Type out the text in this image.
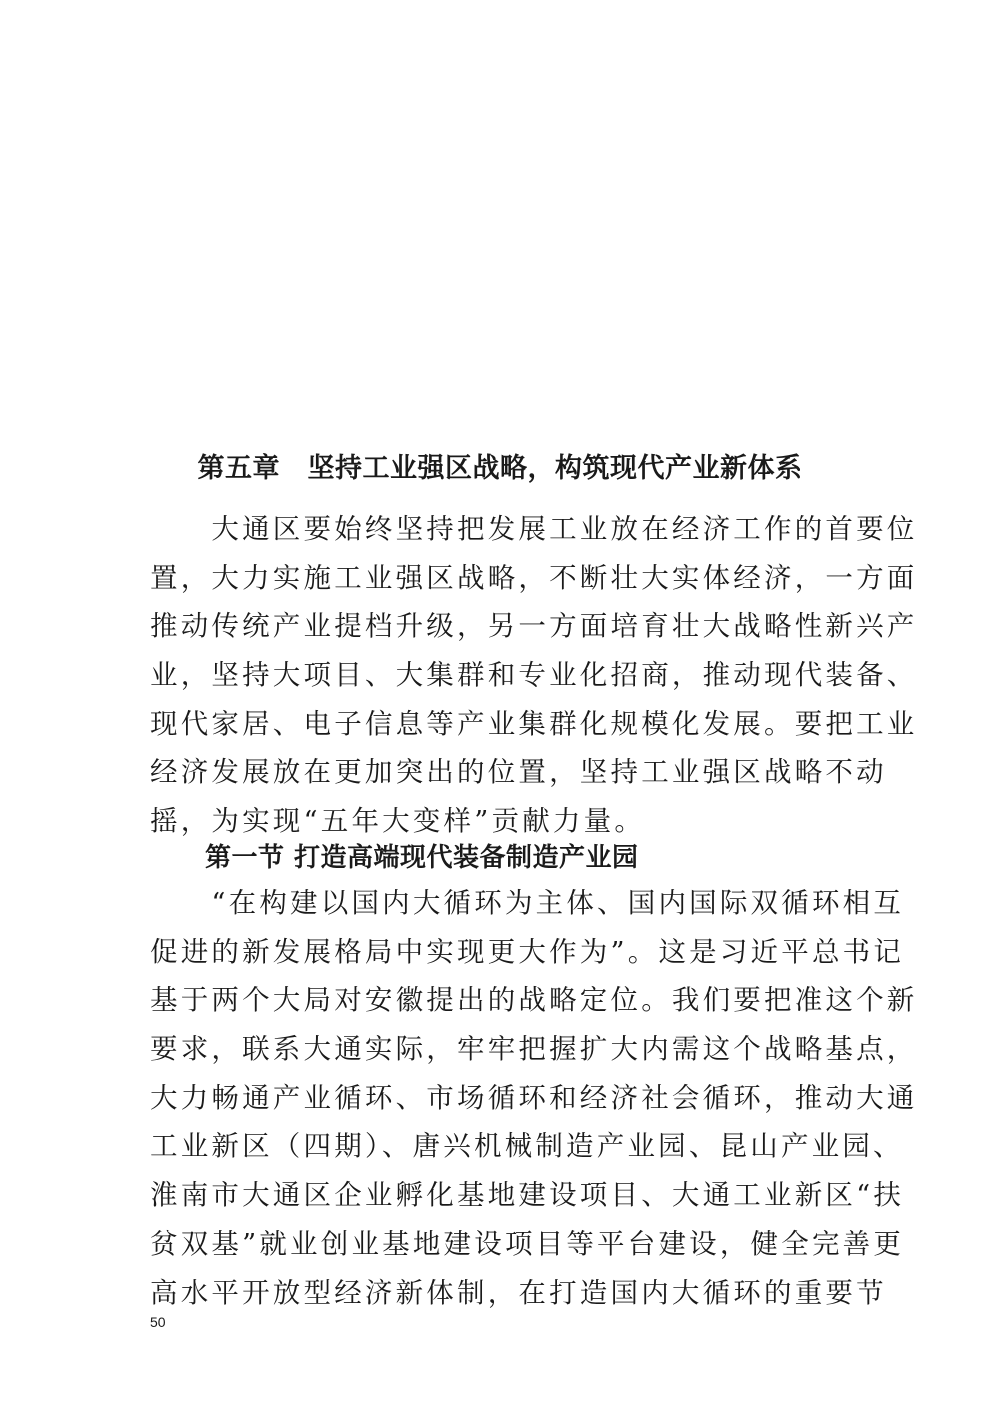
第五章　坚持工业强区战略，构筑现代产业新体系
　　大通区要始终坚持把发展工业放在经济工作的首要位
置，大力实施工业强区战略，不断壮大实体经济，一方面
推动传统产业提档升级，另一方面培育壮大战略性新兴产
业，坚持大项目、大集群和专业化招商，推动现代装备、
现代家居、电子信息等产业集群化规模化发展。要把工业
经济发展放在更加突出的位置，坚持工业强区战略不动
摇，为实现“五年大变样”贡献力量。
第一节 打造高端现代装备制造产业园
　　“在构建以国内大循环为主体、国内国际双循环相互
促进的新发展格局中实现更大作为”。这是习近平总书记
基于两个大局对安徽提出的战略定位。我们要把准这个新
要求，联系大通实际，牢牢把握扩大内需这个战略基点，
大力畅通产业循环、市场循环和经济社会循环，推动大通
工业新区（四期）、唐兴机械制造产业园、昆山产业园、
淮南市大通区企业孵化基地建设项目、大通工业新区“扶
贫双基”就业创业基地建设项目等平台建设，健全完善更
高水平开放型经济新体制，在打造国内大循环的重要节
50
